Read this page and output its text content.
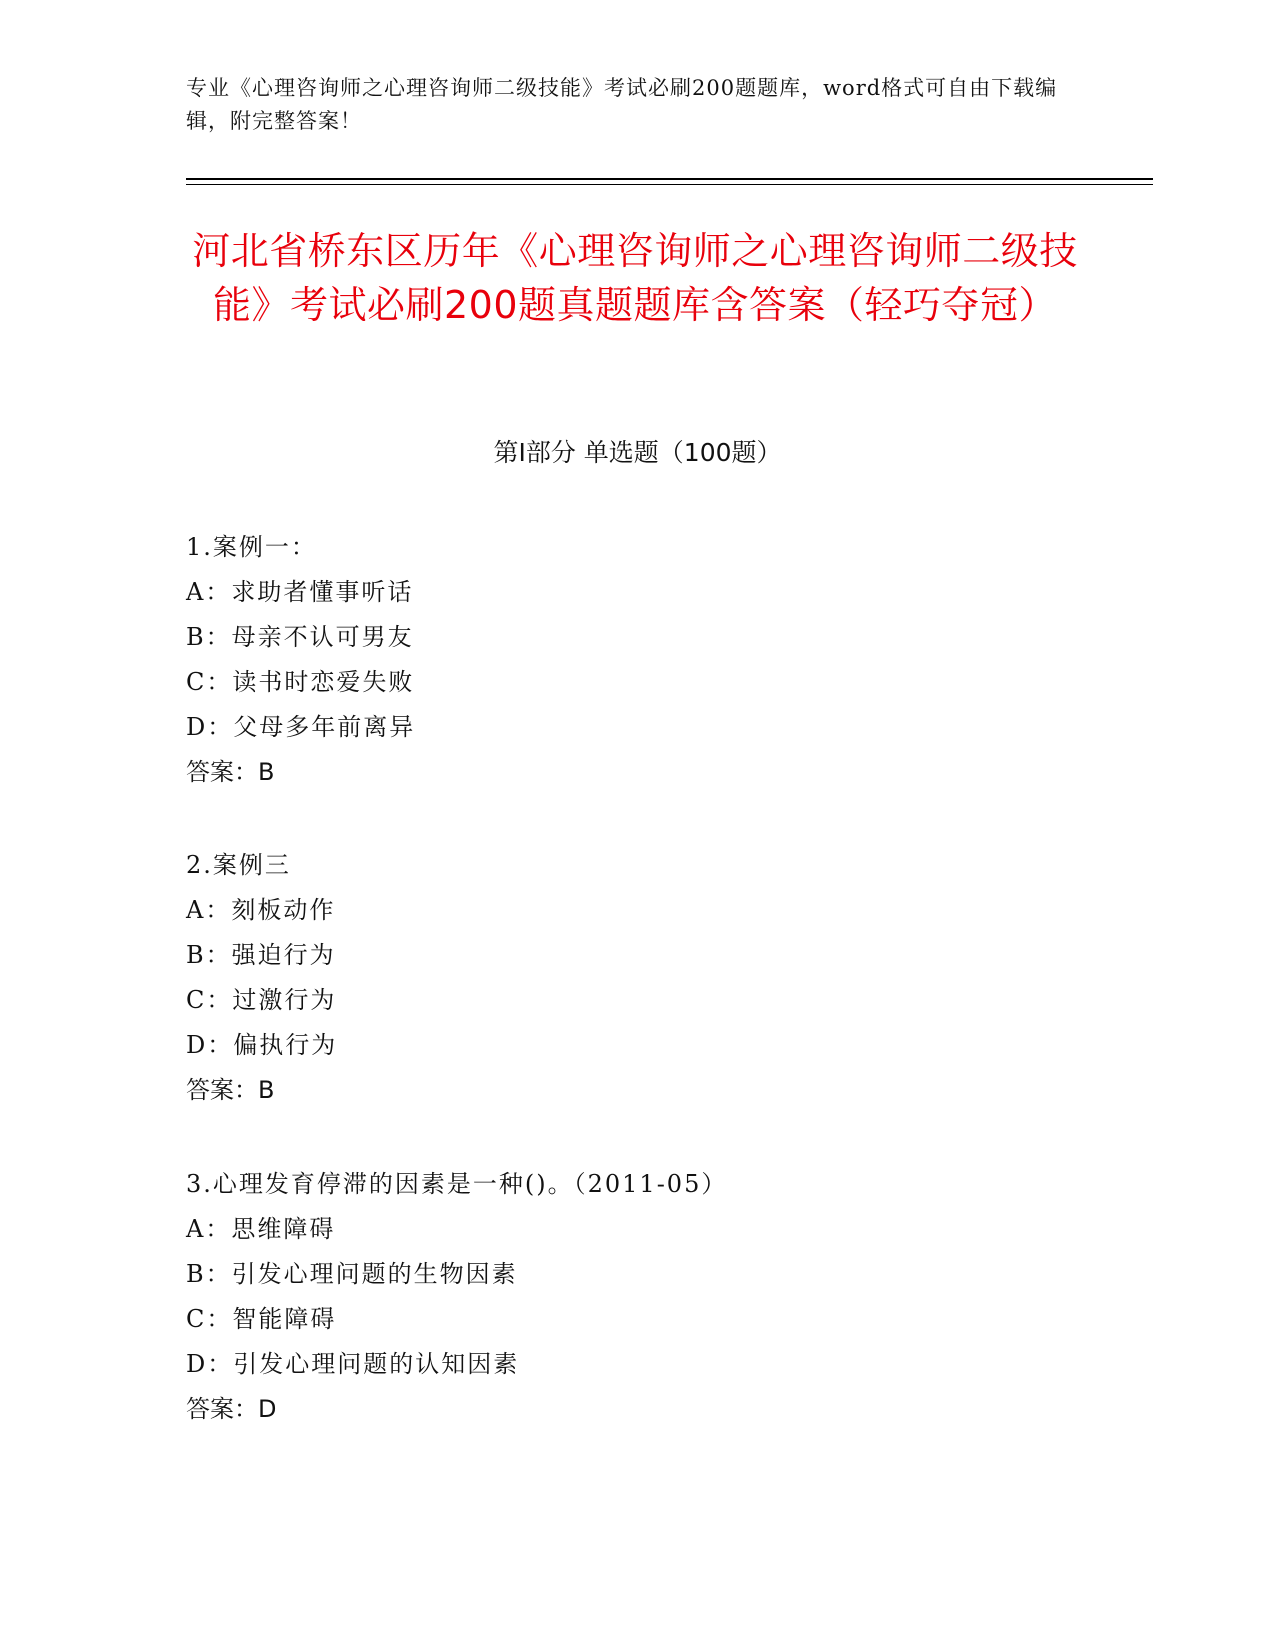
专业《心理咨询师之心理咨询师二级技能》考试必刷200题题库，word格式可自由下载编辑，附完整答案！
河北省桥东区历年《心理咨询师之心理咨询师二级技能》考试必刷200题真题题库含答案（轻巧夺冠）
第Ⅰ部分 单选题（100题）
1.案例一：
A：求助者懂事听话
B：母亲不认可男友
C：读书时恋爱失败
D：父母多年前离异
答案：B
2.案例三
A：刻板动作
B：强迫行为
C：过激行为
D：偏执行为
答案：B
3.心理发育停滞的因素是一种()。（2011-05）
A：思维障碍
B：引发心理问题的生物因素
C：智能障碍
D：引发心理问题的认知因素
答案：D
